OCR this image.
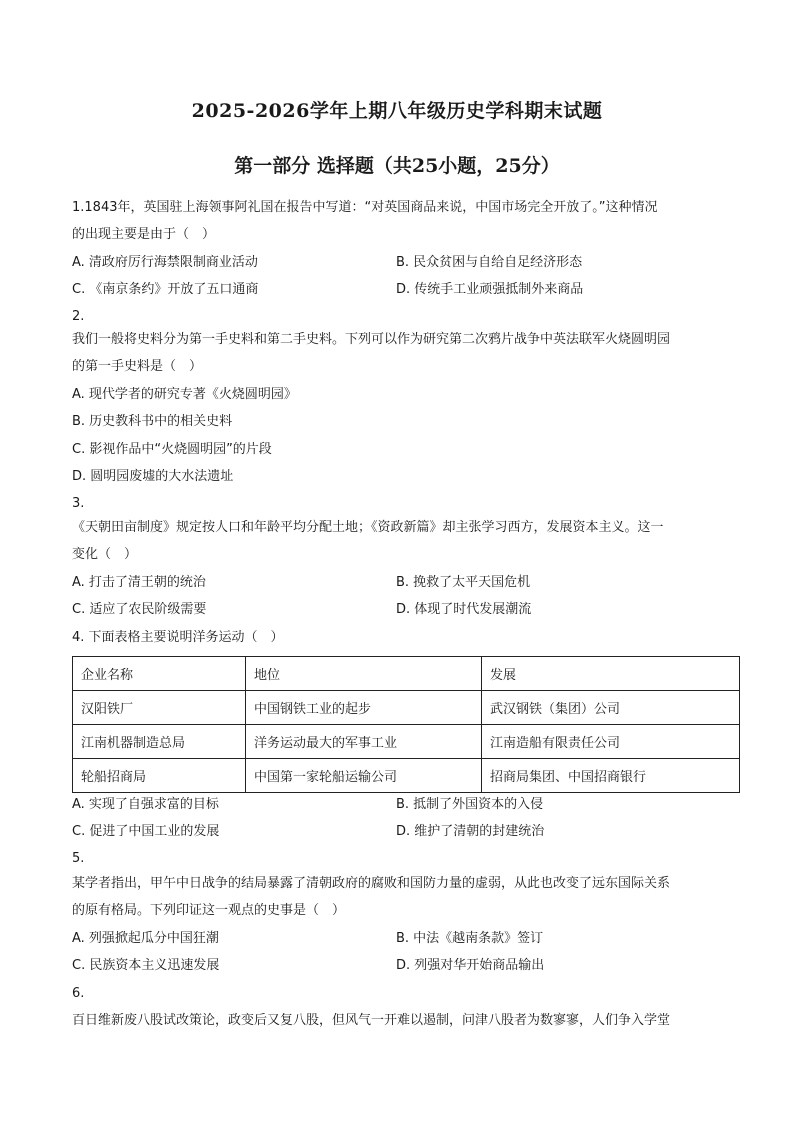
2025-2026学年上期八年级历史学科期末试题
第一部分 选择题（共25小题，25分）
1.1843年，英国驻上海领事阿礼国在报告中写道：“对英国商品来说，中国市场完全开放了。”这种情况
的出现主要是由于（　）
A. 清政府厉行海禁限制商业活动	B. 民众贫困与自给自足经济形态
C. 《南京条约》开放了五口通商	D. 传统手工业顽强抵制外来商品
2.
我们一般将史料分为第一手史料和第二手史料。下列可以作为研究第二次鸦片战争中英法联军火烧圆明园
的第一手史料是（　）
A. 现代学者的研究专著《火烧圆明园》
B. 历史教科书中的相关史料
C. 影视作品中“火烧圆明园”的片段
D. 圆明园废墟的大水法遗址
3.
《天朝田亩制度》规定按人口和年龄平均分配土地；《资政新篇》却主张学习西方，发展资本主义。这一
变化（　）
A. 打击了清王朝的统治	B. 挽救了太平天国危机
C. 适应了农民阶级需要	D. 体现了时代发展潮流
4. 下面表格主要说明洋务运动（　）
企业名称	地位	发展
汉阳铁厂	中国钢铁工业的起步	武汉钢铁（集团）公司
江南机器制造总局	洋务运动最大的军事工业	江南造船有限责任公司
轮船招商局	中国第一家轮船运输公司	招商局集团、中国招商银行
A. 实现了自强求富的目标	B. 抵制了外国资本的入侵
C. 促进了中国工业的发展	D. 维护了清朝的封建统治
5.
某学者指出，甲午中日战争的结局暴露了清朝政府的腐败和国防力量的虚弱，从此也改变了远东国际关系
的原有格局。下列印证这一观点的史事是（　）
A. 列强掀起瓜分中国狂潮	B. 中法《越南条款》签订
C. 民族资本主义迅速发展	D. 列强对华开始商品输出
6.
百日维新废八股试改策论，政变后又复八股，但风气一开难以遏制，问津八股者为数寥寥，人们争入学堂
